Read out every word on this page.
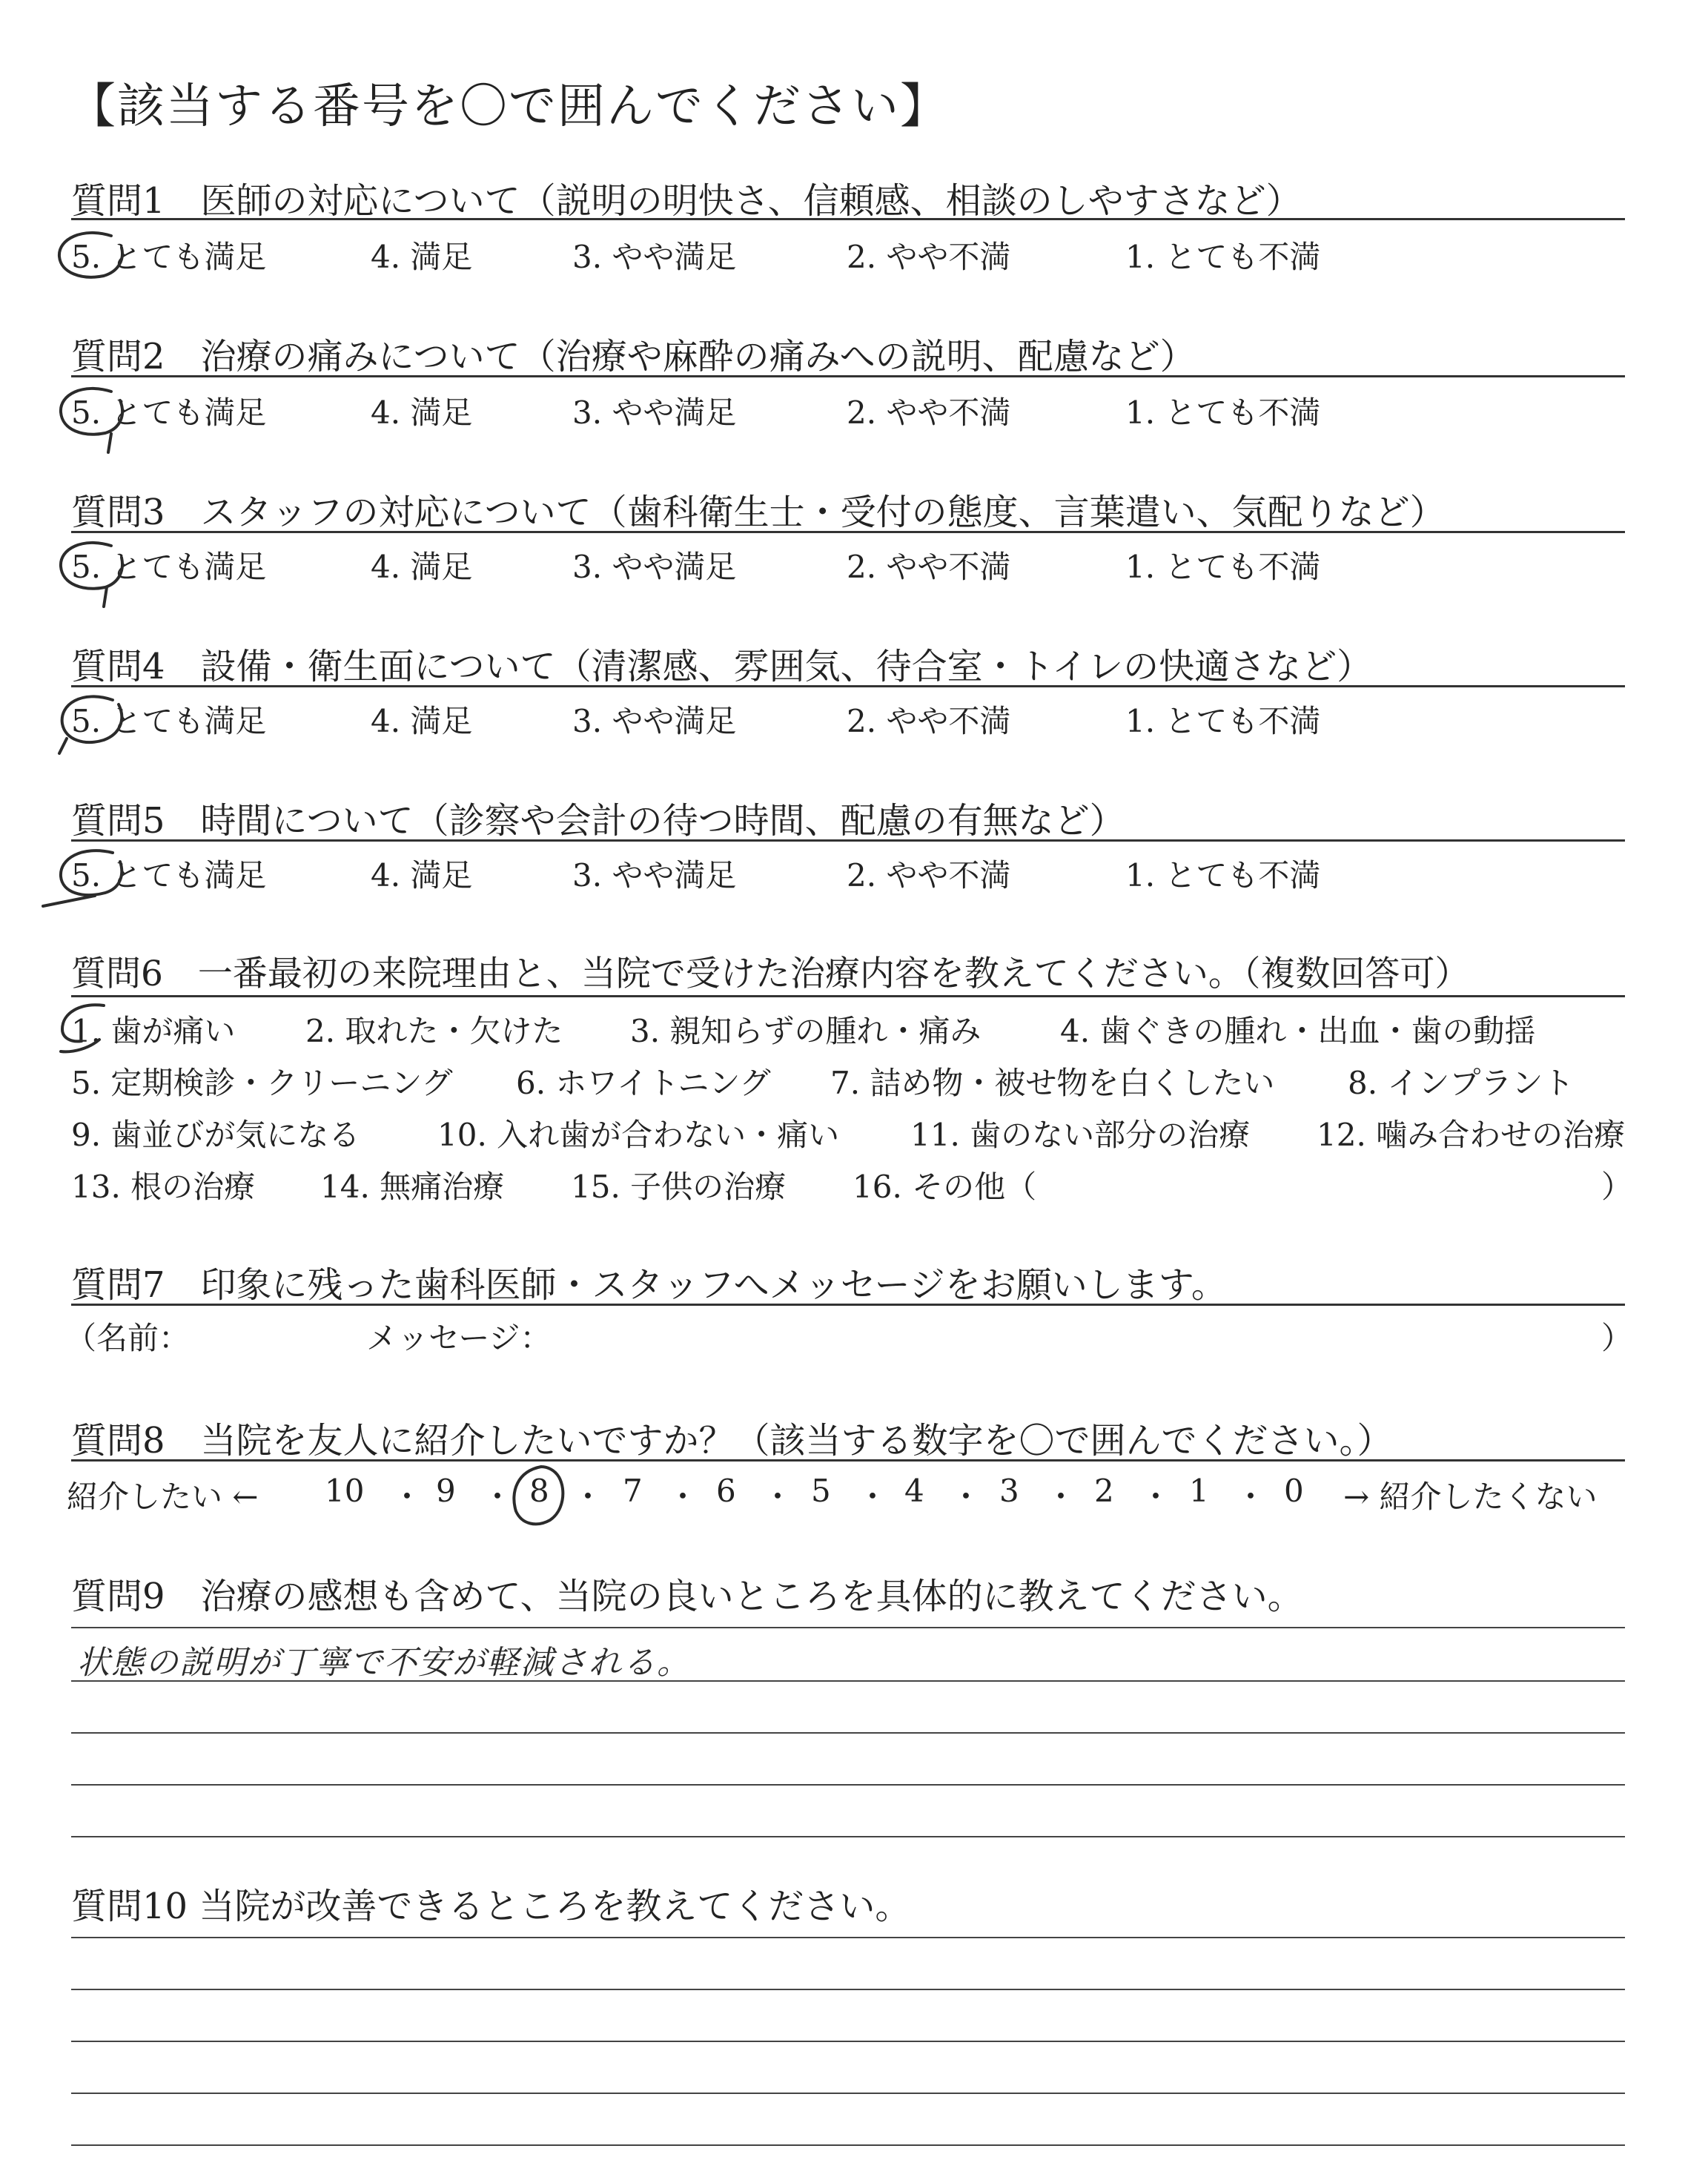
【該当する番号を〇で囲んでください】
質問1　医師の対応について（説明の明快さ、信頼感、相談のしやすさなど）
5. とても満足	4. 満足	3. やや満足	2. やや不満	1. とても不満
質問2　治療の痛みについて（治療や麻酔の痛みへの説明、配慮など）
5. とても満足	4. 満足	3. やや満足	2. やや不満	1. とても不満
質問3　スタッフの対応について（歯科衛生士・受付の態度、言葉遣い、気配りなど）
5. とても満足	4. 満足	3. やや満足	2. やや不満	1. とても不満
質問4　設備・衛生面について（清潔感、雰囲気、待合室・トイレの快適さなど）
5. とても満足	4. 満足	3. やや満足	2. やや不満	1. とても不満
質問5　時間について（診察や会計の待つ時間、配慮の有無など）
5. とても満足	4. 満足	3. やや満足	2. やや不満	1. とても不満
質問6　一番最初の来院理由と、当院で受けた治療内容を教えてください。（複数回答可）
1. 歯が痛い 2. 取れた・欠けた 3. 親知らずの腫れ・痛み	4. 歯ぐきの腫れ・出血・歯の動揺
5. 定期検診・クリーニング 6. ホワイトニング 7. 詰め物・被せ物を白くしたい 8. インプラント
9. 歯並びが気になる 10. 入れ歯が合わない・痛い 11. 歯のない部分の治療 12. 噛み合わせの治療
13. 根の治療 14. 無痛治療 15. 子供の治療 16. その他（	）
質問7　印象に残った歯科医師・スタッフへメッセージをお願いします。
（名前：	メッセージ：	）
質問8　当院を友人に紹介したいですか？（該当する数字を〇で囲んでください。）
紹介したい ← 10 ・ 9 ・ 8 ・ 7 ・ 6 ・ 5 ・ 4 ・ 3 ・ 2 ・ 1 ・ 0 → 紹介したくない
質問9　治療の感想も含めて、当院の良いところを具体的に教えてください。
状態の説明が丁寧で不安が軽減される。
質問10 当院が改善できるところを教えてください。
